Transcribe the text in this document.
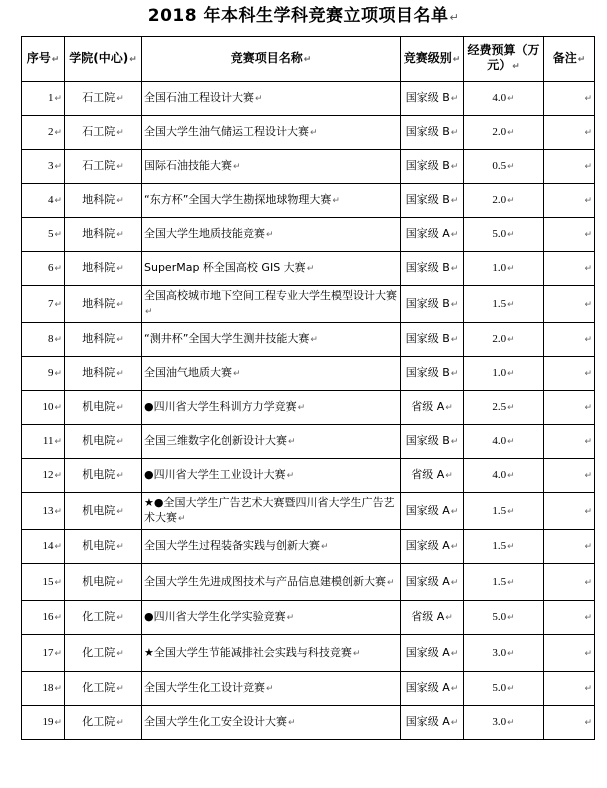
2018 年本科生学科竞赛立项项目名单↵
序号↵	学院(中心)↵	竞赛项目名称↵	竞赛级别↵	经费预算（万元）↵	备注↵
1↵	石工院↵	全国石油工程设计大赛↵	国家级 B↵	4.0↵	↵
2↵	石工院↵	全国大学生油气储运工程设计大赛↵	国家级 B↵	2.0↵	↵
3↵	石工院↵	国际石油技能大赛↵	国家级 B↵	0.5↵	↵
4↵	地科院↵	“东方杯”全国大学生勘探地球物理大赛↵	国家级 B↵	2.0↵	↵
5↵	地科院↵	全国大学生地质技能竞赛↵	国家级 A↵	5.0↵	↵
6↵	地科院↵	SuperMap 杯全国高校 GIS 大赛↵	国家级 B↵	1.0↵	↵
7↵	地科院↵	全国高校城市地下空间工程专业大学生模型设计大赛↵	国家级 B↵	1.5↵	↵
8↵	地科院↵	“测井杯”全国大学生测井技能大赛↵	国家级 B↵	2.0↵	↵
9↵	地科院↵	全国油气地质大赛↵	国家级 B↵	1.0↵	↵
10↵	机电院↵	●四川省大学生科训方力学竞赛↵	省级 A↵	2.5↵	↵
11↵	机电院↵	全国三维数字化创新设计大赛↵	国家级 B↵	4.0↵	↵
12↵	机电院↵	●四川省大学生工业设计大赛↵	省级 A↵	4.0↵	↵
13↵	机电院↵	★●全国大学生广告艺术大赛暨四川省大学生广告艺术大赛↵	国家级 A↵	1.5↵	↵
14↵	机电院↵	全国大学生过程装备实践与创新大赛↵	国家级 A↵	1.5↵	↵
15↵	机电院↵	全国大学生先进成图技术与产品信息建模创新大赛↵	国家级 A↵	1.5↵	↵
16↵	化工院↵	●四川省大学生化学实验竞赛↵	省级 A↵	5.0↵	↵
17↵	化工院↵	★全国大学生节能减排社会实践与科技竞赛↵	国家级 A↵	3.0↵	↵
18↵	化工院↵	全国大学生化工设计竞赛↵	国家级 A↵	5.0↵	↵
19↵	化工院↵	全国大学生化工安全设计大赛↵	国家级 A↵	3.0↵	↵
